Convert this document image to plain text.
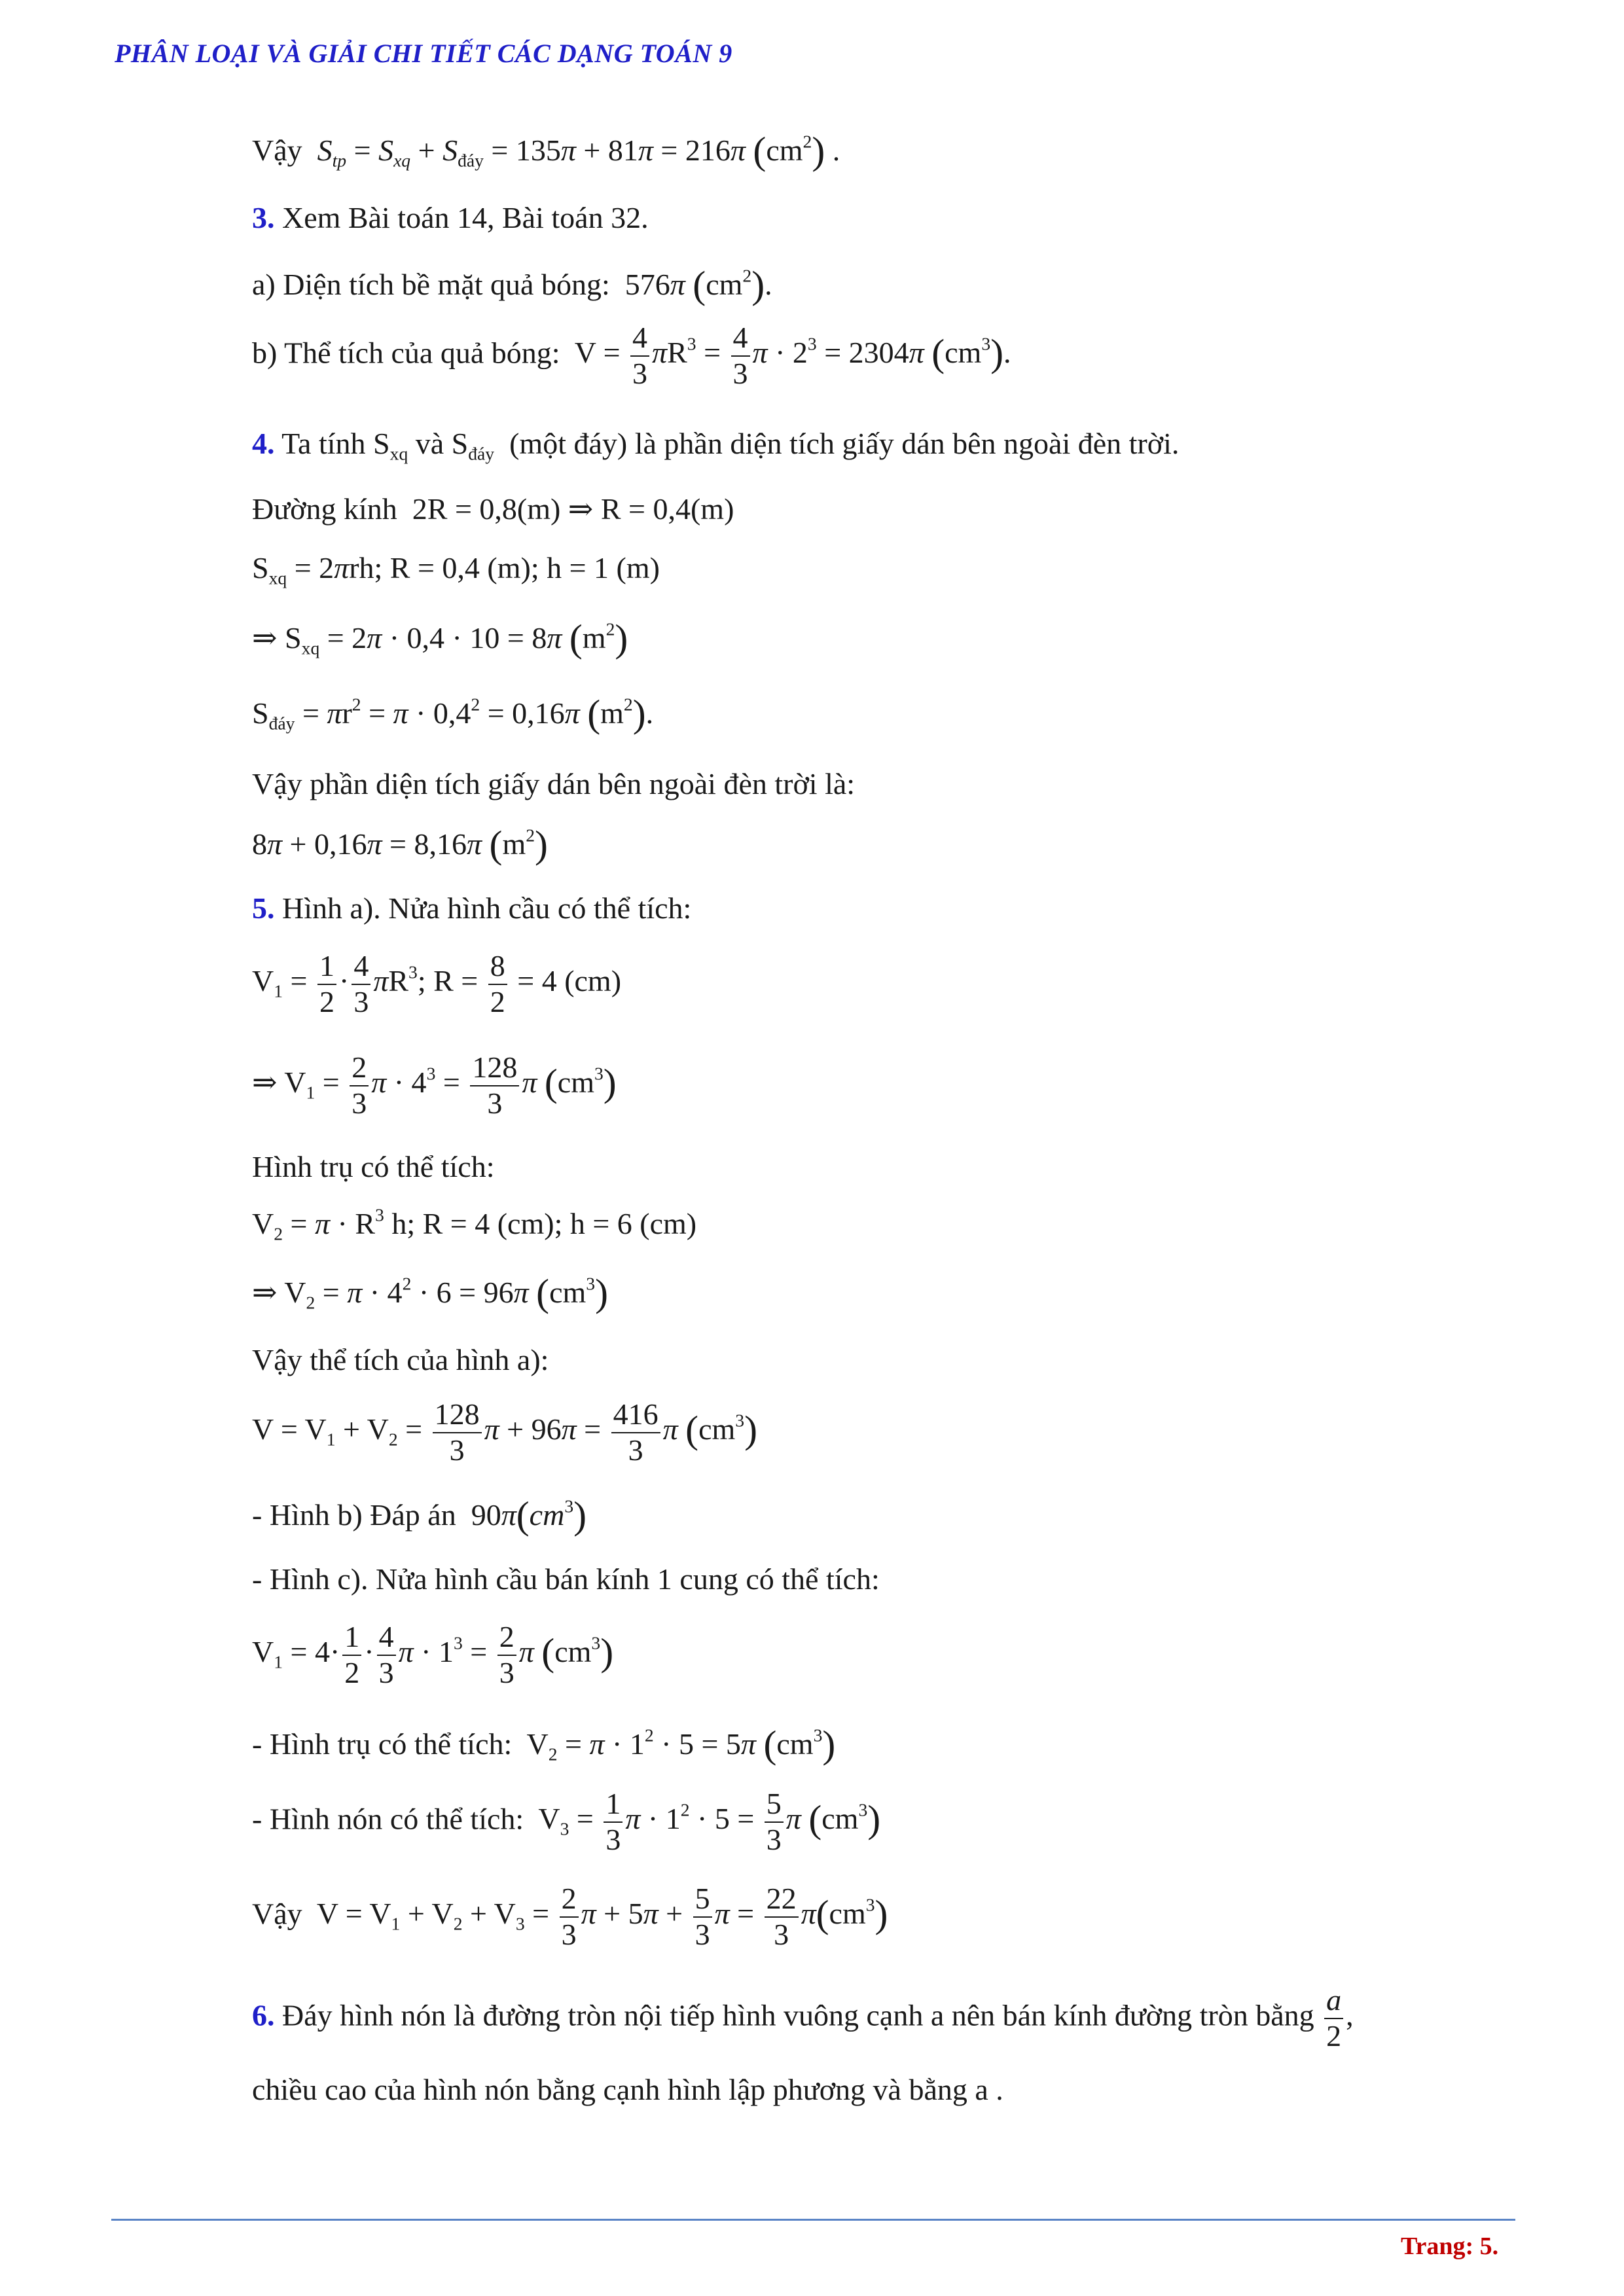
PHÂN LOẠI VÀ GIẢI CHI TIẾT CÁC DẠNG TOÁN 9
Vậy $S_{tp} = S_{xq} + S_{đáy} = 135\pi + 81\pi = 216\pi$ $(cm^2)$ .
3. Xem Bài toán 14, Bài toán 32.
a) Diện tích bề mặt quả bóng: 576π $(cm^2)$.
b) Thể tích của quả bóng: $V = \frac{4}{3} \pi R^3 = \frac{4}{3}$ $\pi \cdot 2^3 = 2304\pi$ $(cm^3)$.
4. Ta tính $S_{xq}$ và $S_{đáy}$ (một đáy) là phần diện tích giấy dán bên ngoài đèn trời.
Đường kính 2R = 0,8(m) ⇒ R = 0,4(m)
$S_{xq} = 2\pi rh$; R = 0,4 (m); h = 1 (m)
⇒ $S_{xq} = 2\pi \cdot 0,4 \cdot 10 = 8\pi$ $(m^2)$
$S_{đáy} = \pi r^2 = \pi \cdot 0,4^2 = 0,16\pi$ $(m^2)$.
Vậy phần diện tích giấy dán bên ngoài đèn trời là:
8π + 0,16π = 8,16π $(m^2)$
5. Hình a). Nửa hình cầu có thể tích:
$V_1 = \frac{1}{2} \cdot \frac{4}{3} \pi R^3$; $R = \frac{8}{2} = 4$ (cm)
⇒ $V_1 = \frac{2}{3}$ $\pi \cdot 4^3 = \frac{128}{3}$ π $(cm^3)$
Hình trụ có thể tích:
$V_2 = \pi \cdot R^3$ h; R = 4 (cm); h = 6 (cm)
⇒ $V_2 = \pi \cdot 4^2 \cdot 6 = 96\pi$ $(cm^3)$
Vậy thể tích của hình a):
$V = V_1 + V_2 = \frac{128}{3}$ $\pi + 96\pi = \frac{416}{3}$ π $(cm^3)$
- Hình b) Đáp án $90\pi(cm^3)$
- Hình c). Nửa hình cầu bán kính 1 cung có thể tích:
$V_1 = 4\cdot \frac{1}{2} \cdot \frac{4}{3}$ $\pi \cdot 1^3 = \frac{2}{3}$ π $(cm^3)$
- Hình trụ có thể tích: $V_2 = \pi \cdot 1^2 \cdot 5 = 5\pi$ $(cm^3)$
- Hình nón có thể tích: $V_3 = \frac{1}{3}$ $\pi \cdot 1^2 \cdot 5 = \frac{5}{3}$ π $(cm^3)$
Vậy $V = V_1 + V_2 + V_3 = \frac{2}{3}$ $\pi + 5\pi + \frac{5}{3}$ $\pi = \frac{22}{3} \pi(cm^3)$
6. Đáy hình nón là đường tròn nội tiếp hình vuông cạnh a nên bán kính đường tròn bằng $\frac{a}{2}$ ,
chiều cao của hình nón bằng cạnh hình lập phương và bằng a .
Trang: 5.
